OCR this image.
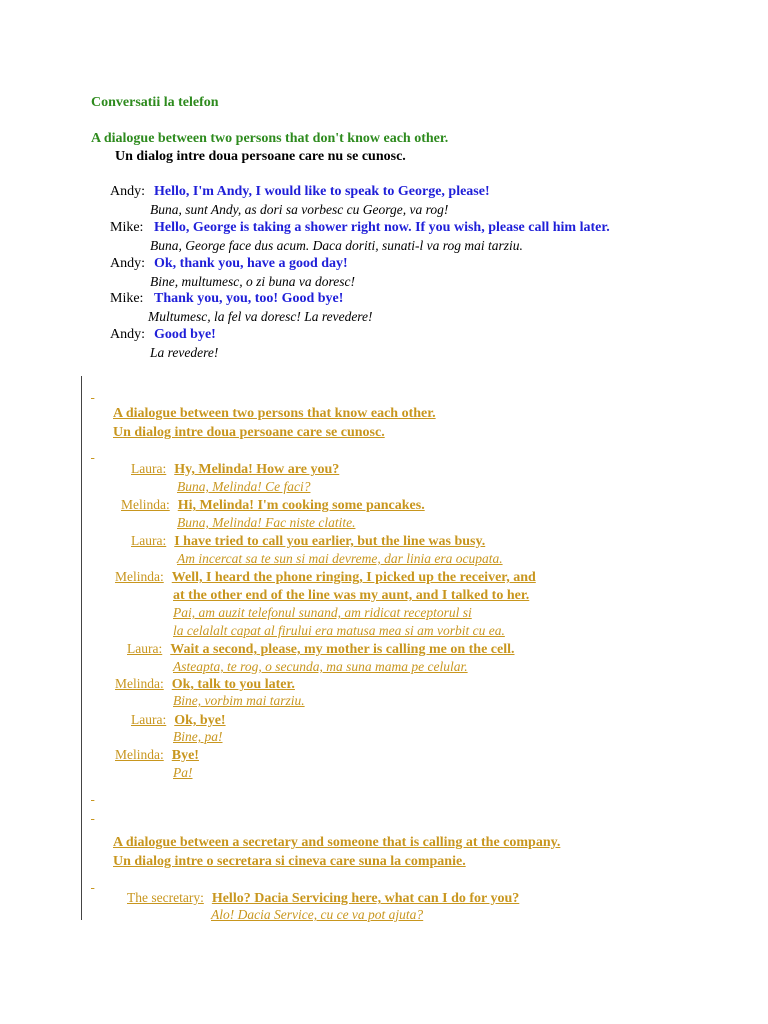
Conversatii la telefon
A dialogue between two persons that don't know each other.
Un dialog intre doua persoane care nu se cunosc.
Andy: Hello, I'm Andy, I would like to speak to George, please!
Buna, sunt Andy, as dori sa vorbesc cu George, va rog!
Mike: Hello, George is taking a shower right now. If you wish, please call him later.
Buna, George face dus acum. Daca doriti, sunati-l va rog mai tarziu.
Andy: Ok, thank you, have a good day!
Bine, multumesc, o zi buna va doresc!
Mike: Thank you, you, too! Good bye!
Multumesc, la fel va doresc! La revedere!
Andy: Good bye!
La revedere!
​
A dialogue between two persons that know each other.
Un dialog intre doua persoane care se cunosc.
​
Laura: Hy, Melinda! How are you?
Buna, Melinda! Ce faci?
Melinda: Hi, Melinda! I'm cooking some pancakes.
Buna, Melinda! Fac niste clatite.
Laura: I have tried to call you earlier, but the line was busy.
Am incercat sa te sun si mai devreme, dar linia era ocupata.
Melinda: Well, I heard the phone ringing, I picked up the receiver, and
at the other end of the line was my aunt, and I talked to her.
Pai, am auzit telefonul sunand, am ridicat receptorul si
la celalalt capat al firului era matusa mea si am vorbit cu ea.
Laura: Wait a second, please, my mother is calling me on the cell.
Asteapta, te rog, o secunda, ma suna mama pe celular.
Melinda: Ok, talk to you later.
Bine, vorbim mai tarziu.
Laura: Ok, bye!
Bine, pa!
Melinda: Bye!
Pa!
​
​
A dialogue between a secretary and someone that is calling at the company.
Un dialog intre o secretara si cineva care suna la companie.
​
The secretary: Hello? Dacia Servicing here, what can I do for you?
Alo! Dacia Service, cu ce va pot ajuta?
